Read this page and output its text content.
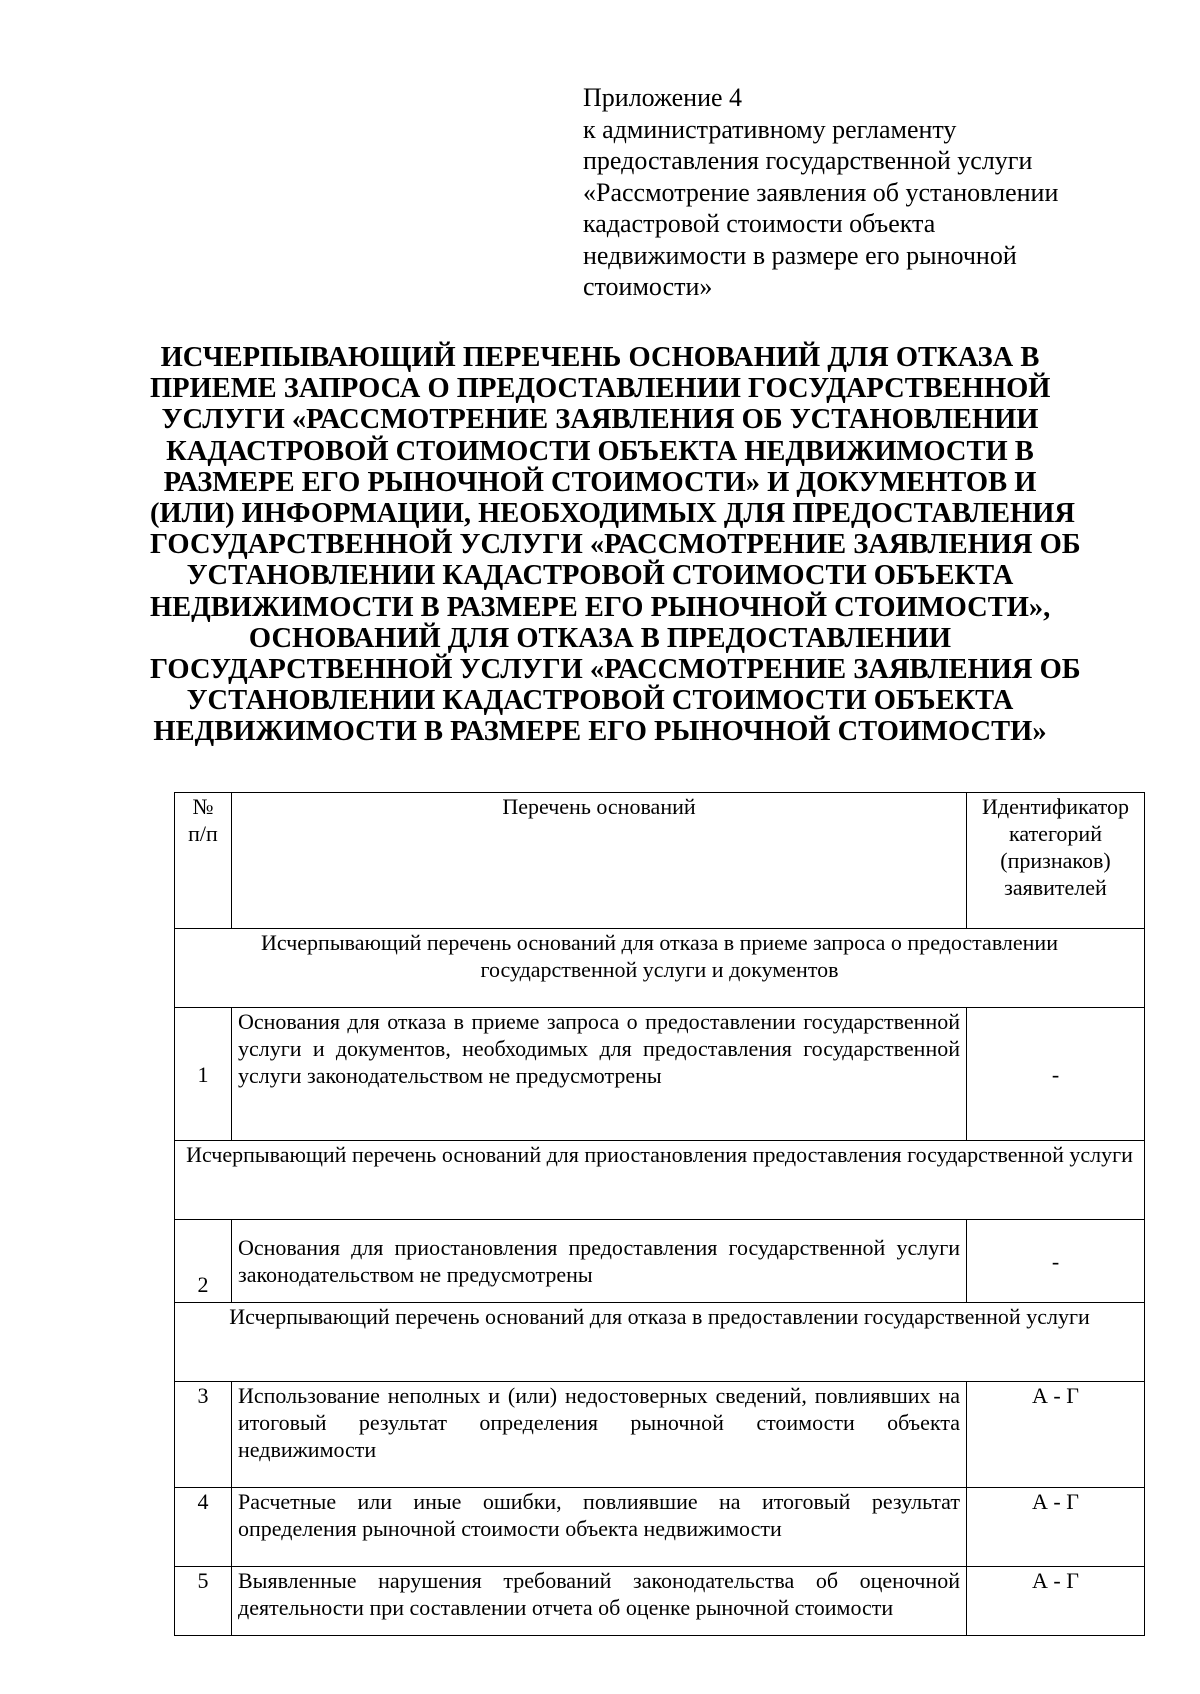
Приложение 4
к административному регламенту
предоставления государственной услуги
«Рассмотрение заявления об установлении
кадастровой стоимости объекта
недвижимости в размере его рыночной
стоимости»
ИСЧЕРПЫВАЮЩИЙ ПЕРЕЧЕНЬ ОСНОВАНИЙ ДЛЯ ОТКАЗА В
ПРИЕМЕ ЗАПРОСА О ПРЕДОСТАВЛЕНИИ ГОСУДАРСТВЕННОЙ
УСЛУГИ «РАССМОТРЕНИЕ ЗАЯВЛЕНИЯ ОБ УСТАНОВЛЕНИИ
КАДАСТРОВОЙ СТОИМОСТИ ОБЪЕКТА НЕДВИЖИМОСТИ В
РАЗМЕРЕ ЕГО РЫНОЧНОЙ СТОИМОСТИ» И ДОКУМЕНТОВ И
(ИЛИ) ИНФОРМАЦИИ, НЕОБХОДИМЫХ ДЛЯ ПРЕДОСТАВЛЕНИЯ
ГОСУДАРСТВЕННОЙ УСЛУГИ «РАССМОТРЕНИЕ ЗАЯВЛЕНИЯ ОБ
УСТАНОВЛЕНИИ КАДАСТРОВОЙ СТОИМОСТИ ОБЪЕКТА
НЕДВИЖИМОСТИ В РАЗМЕРЕ ЕГО РЫНОЧНОЙ СТОИМОСТИ»,
ОСНОВАНИЙ ДЛЯ ОТКАЗА В ПРЕДОСТАВЛЕНИИ
ГОСУДАРСТВЕННОЙ УСЛУГИ «РАССМОТРЕНИЕ ЗАЯВЛЕНИЯ ОБ
УСТАНОВЛЕНИИ КАДАСТРОВОЙ СТОИМОСТИ ОБЪЕКТА
НЕДВИЖИМОСТИ В РАЗМЕРЕ ЕГО РЫНОЧНОЙ СТОИМОСТИ»
№ п/п	Перечень оснований	Идентификатор категорий (признаков) заявителей
Исчерпывающий перечень оснований для отказа в приеме запроса о предоставлении государственной услуги и документов		
1	Основания для отказа в приеме запроса о предоставлении государственной услуги и документов, необходимых для предоставления государственной услуги законодательством не предусмотрены	-
Исчерпывающий перечень оснований для приостановления предоставления государственной услуги		
2	Основания для приостановления предоставления государственной услуги законодательством не предусмотрены	-
Исчерпывающий перечень оснований для отказа в предоставлении государственной услуги		
3	Использование неполных и (или) недостоверных сведений, повлиявших на итоговый результат определения рыночной стоимости объекта недвижимости	А - Г
4	Расчетные или иные ошибки, повлиявшие на итоговый результат определения рыночной стоимости объекта недвижимости	А - Г
5	Выявленные нарушения требований законодательства об оценочной деятельности при составлении отчета об оценке рыночной стоимости	А - Г
